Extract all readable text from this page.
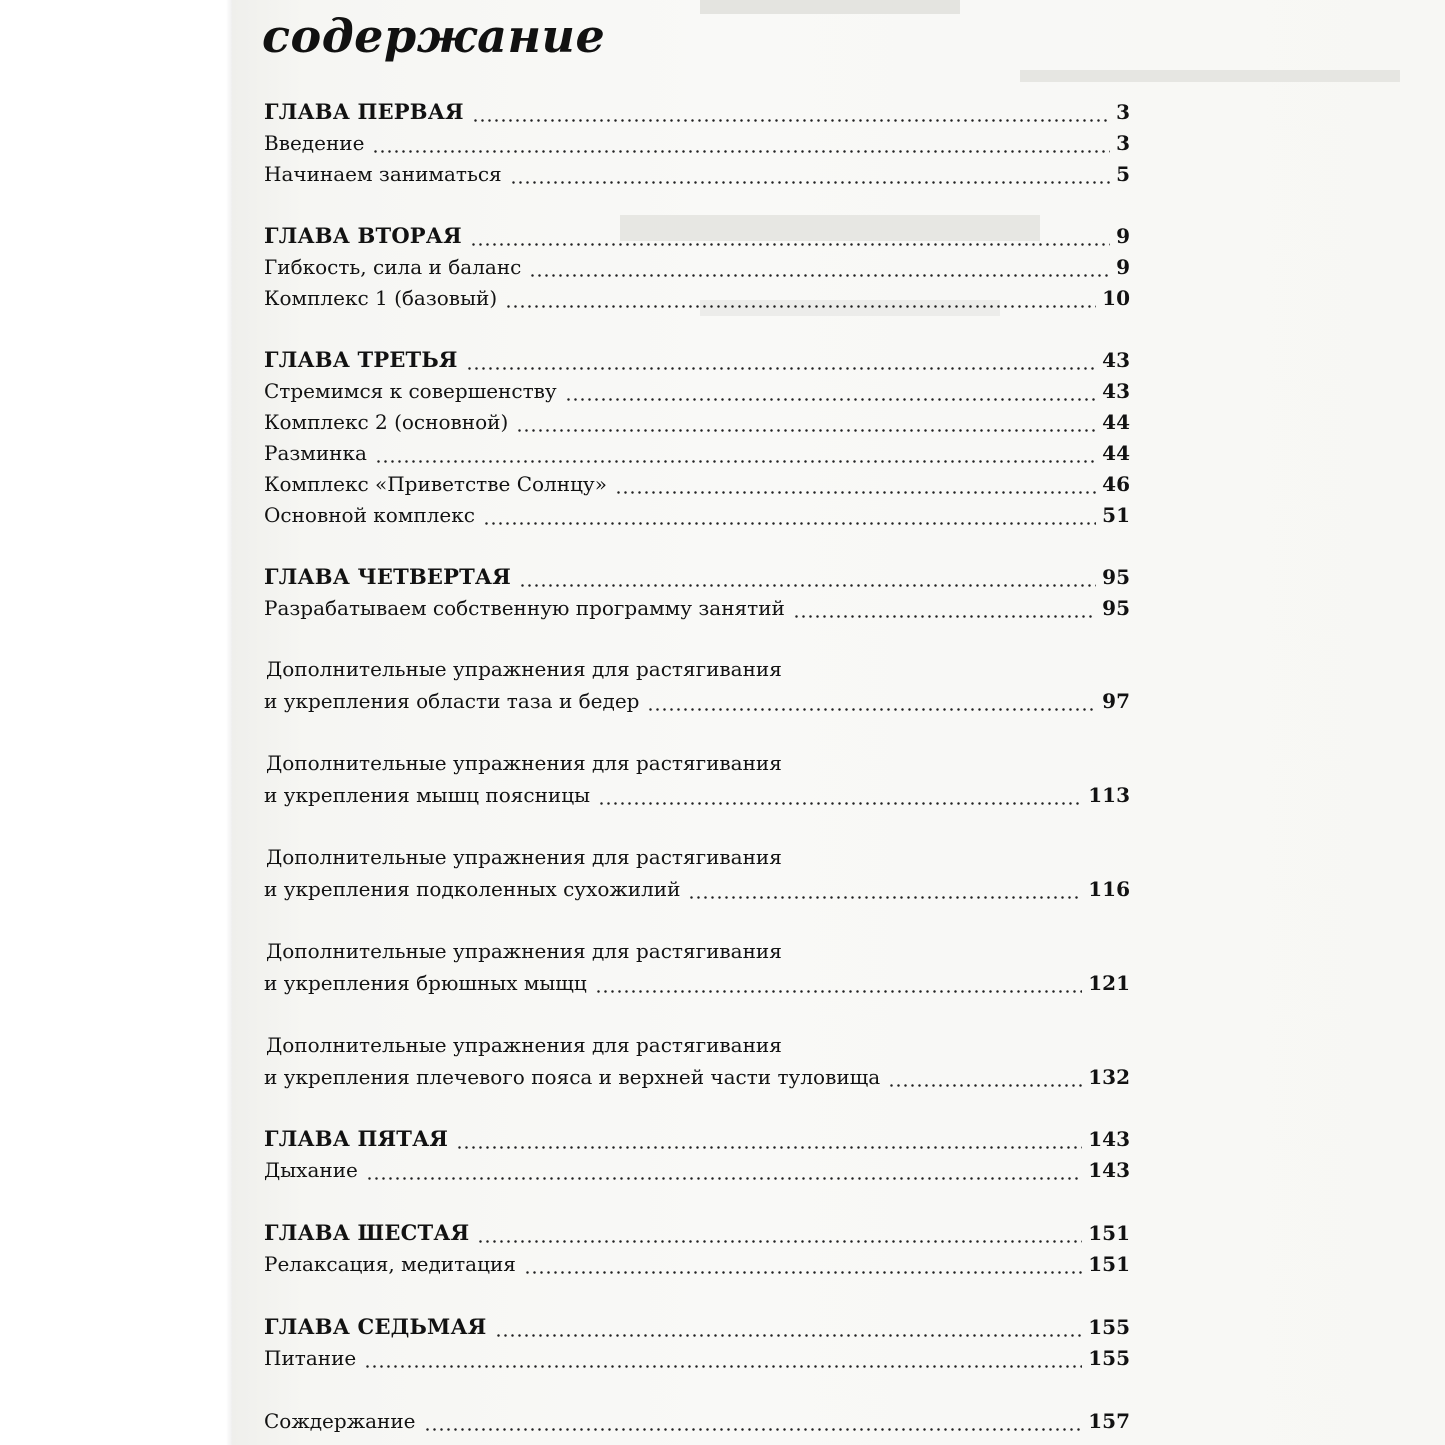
содержание
ГЛАВА ПЕРВАЯ	3
Введение	3
Начинаем заниматься	5
ГЛАВА ВТОРАЯ	9
Гибкость, сила и баланс	9
Комплекс 1 (базовый)	10
ГЛАВА ТРЕТЬЯ	43
Стремимся к совершенству	43
Комплекс 2 (основной)	44
Разминка	44
Комплекс «Приветстве Солнцу»	46
Основной комплекс	51
ГЛАВА ЧЕТВЕРТАЯ	95
Разрабатываем собственную программу занятий	95
Дополнительные упражнения для растягивания
и укрепления области таза и бедер	97
Дополнительные упражнения для растягивания
и укрепления мышц поясницы	113
Дополнительные упражнения для растягивания
и укрепления подколенных сухожилий	116
Дополнительные упражнения для растягивания
и укрепления брюшных мыщц	121
Дополнительные упражнения для растягивания
и укрепления плечевого пояса и верхней части туловища	132
ГЛАВА ПЯТАЯ	143
Дыхание	143
ГЛАВА ШЕСТАЯ	151
Релаксация, медитация	151
ГЛАВА СЕДЬМАЯ	155
Питание	155
Сождержание	157
